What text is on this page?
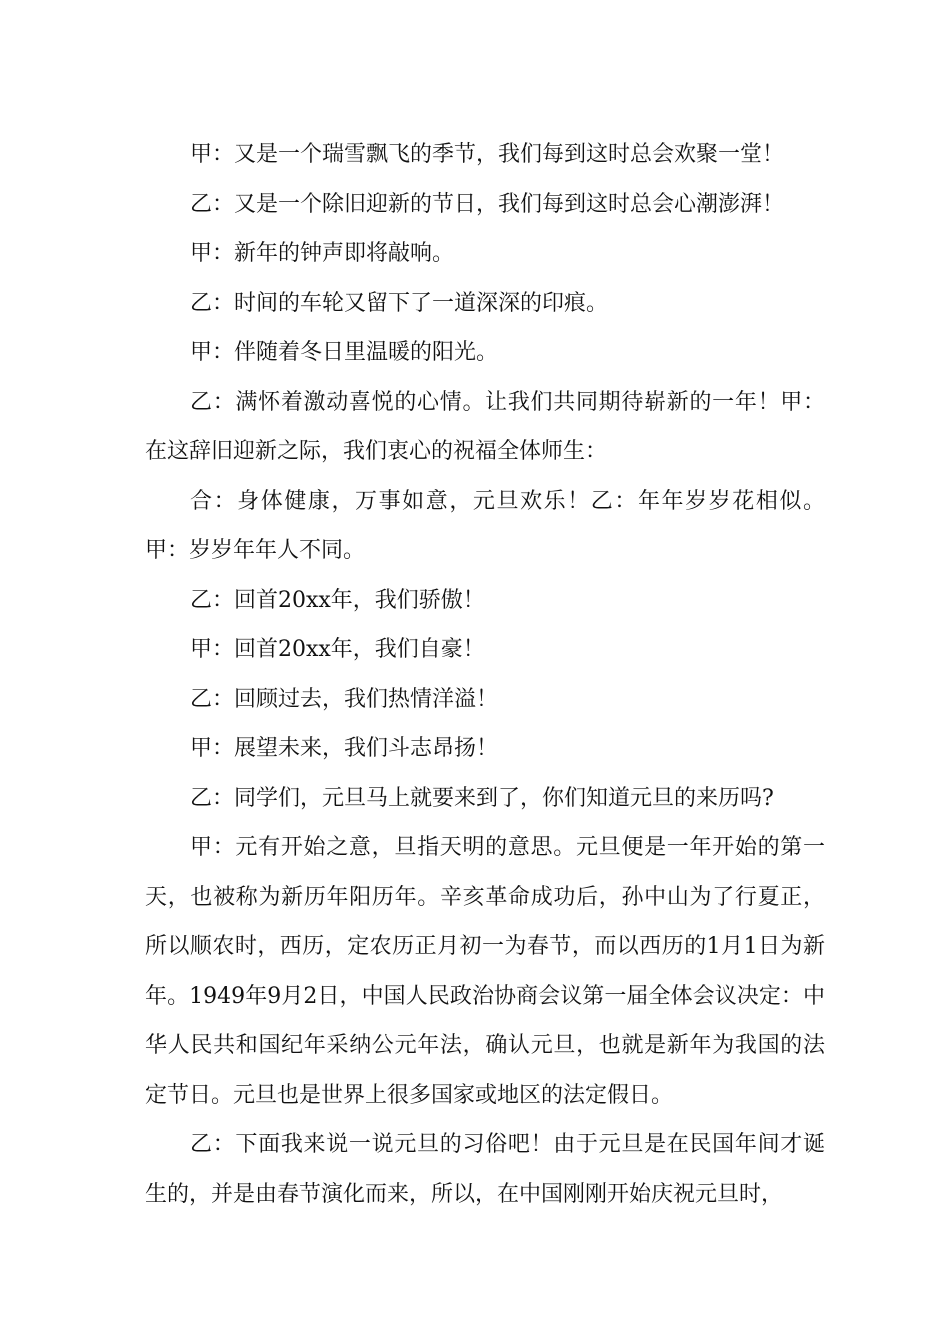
甲：又是一个瑞雪飘飞的季节，我们每到这时总会欢聚一堂！

乙：又是一个除旧迎新的节日，我们每到这时总会心潮澎湃！

甲：新年的钟声即将敲响。

乙：时间的车轮又留下了一道深深的印痕。

甲：伴随着冬日里温暖的阳光。

乙：满怀着激动喜悦的心情。让我们共同期待崭新的一年！甲：在这辞旧迎新之际，我们衷心的祝福全体师生：

合：身体健康，万事如意，元旦欢乐！乙：年年岁岁花相似。甲：岁岁年年人不同。

乙：回首20xx年，我们骄傲！

甲：回首20xx年，我们自豪！

乙：回顾过去，我们热情洋溢！

甲：展望未来，我们斗志昂扬！

乙：同学们，元旦马上就要来到了，你们知道元旦的来历吗?

甲：元有开始之意，旦指天明的意思。元旦便是一年开始的第一天，也被称为新历年阳历年。辛亥革命成功后，孙中山为了行夏正，所以顺农时，西历，定农历正月初一为春节，而以西历的1月1日为新年。1949年9月2日，中国人民政治协商会议第一届全体会议决定：中华人民共和国纪年采纳公元年法，确认元旦，也就是新年为我国的法定节日。元旦也是世界上很多国家或地区的法定假日。

乙：下面我来说一说元旦的习俗吧！由于元旦是在民国年间才诞生的，并是由春节演化而来，所以，在中国刚刚开始庆祝元旦时，
